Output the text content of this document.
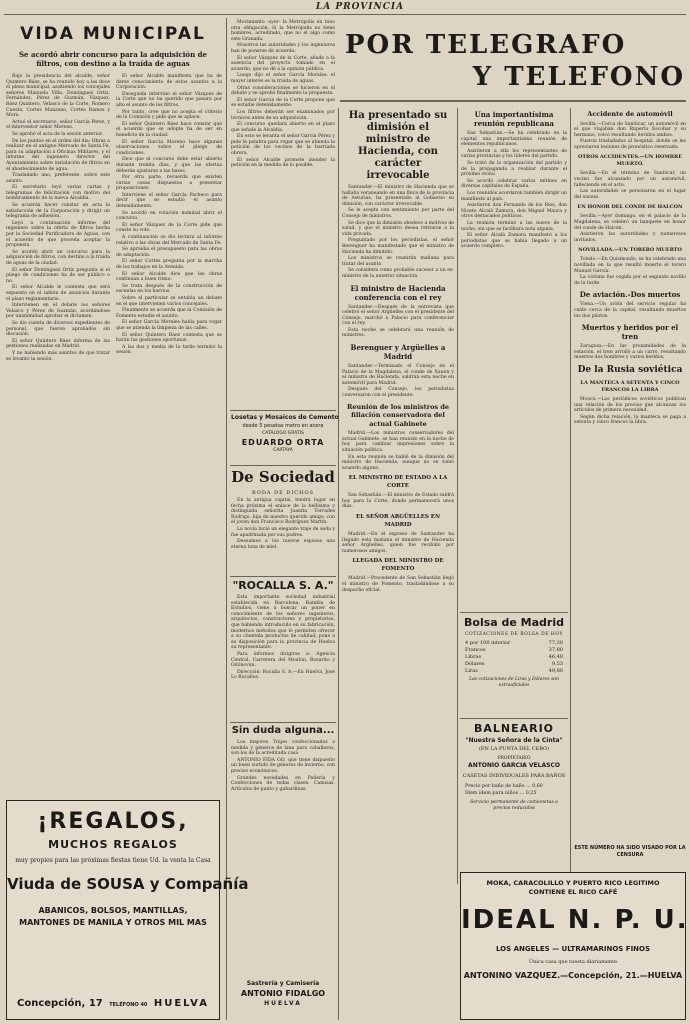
LA PROVINCIA
VIDA MUNICIPAL
Se acordó abrir concurso para la adquisición de filtros, con destino a la traída de aguas

Bajo la presidencia del alcalde, señor Quintero Báez, se ha reunido hoy a las doce el pleno municipal, asistiendo los concejales señores Manuela Villa, Domínguez Ortiz, Fernández, Pérez de Guzmán, Vázquez, Báez Quintero, Velasco de la Corte, Romero Cuesta, Cortés Manzano, Cortés Ramos y Mora.

Actuó el secretario, señor García Pérez, y el interventor señor Moreno.

Se aprobó el acta de la sesión anterior.

De los puntos en el orden del día: Obras a realizar en el antiguo Mercado de Santa Fe, para su adaptación a Oficinas Militares, y el informe del ingeniero director del Ayuntamiento sobre instalación de filtros en el abastecimiento de agua.

Trasladado uno, preferente, sobre este asunto.

El secretario leyó varias cartas y telegramas de felicitación con motivo del nombramiento de la nueva Alcaldía.

Se acuerda hacer constar en acta la satisfacción de la Corporación y dirigir un telegrama de adhesión.

Leyó a continuación informe del ingeniero sobre la oferta de filtros hecha por la Sociedad Purificadora de Aguas, con el acuerdo de que proceda aceptar la propuesta.

Se acordó abrir un concurso para la adquisición de filtros, con destino a la traída de aguas de la ciudad.

El señor Domínguez Ortiz pregunta si el pliego de condiciones ha de ser público o no.

El señor Alcalde le contesta que será expuesto en el tablón de anuncios durante el plazo reglamentario.

Intervienen en el debate los señores Velasco y Pérez de Guzmán, acordándose por unanimidad aprobar el dictamen.

Se dio cuenta de diversos expedientes de personal, que fueron aprobados sin discusión.

El señor Quintero Báez informa de las gestiones realizadas en Madrid.

Y no habiendo más asuntos de que tratar se levantó la sesión.

El señor Alcalde manifiesta que ha de darse conocimiento de estos asuntos a la Corporación.

Enseguida intervino el señor Vázquez de la Corte que no ha querido que pasara por alto el asunto de los filtros.

Por tanto, cree que no acepta el criterio de la Comisión y pide que se aplace.

El señor Quintero Báez hace constar que el acuerdo que se adopte ha de ser en beneficio de la ciudad.

El señor García Moreno hace algunas observaciones sobre el pliego de condiciones.

Dice que el concurso debe estar abierto durante treinta días, y que las ofertas deberán ajustarse a las bases.

Por otra parte, recuerda que existen varias casas dispuestas a presentar proposiciones.

Interviene el señor García Pacheco para decir que se estudió el asunto detenidamente.

Se acordó en votación nominal abrir el concurso.

El señor Vázquez de la Corte pide que conste su voto.

A continuación se dio lectura al informe relativo a las obras del Mercado de Santa Fe.

Se aprueba el presupuesto para las obras de adaptación.

El señor Cortés pregunta por la marcha de los trabajos en la Avenida.

El señor Alcalde dice que las obras continúan a buen ritmo.

Se trata después de la construcción de escuelas en los barrios.

Sobre el particular se entabla un debate en el que intervienen varios concejales.

Finalmente se acuerda que la Comisión de Fomento estudie el asunto.

El señor García Morales habla para rogar que se atienda la limpieza de las calles.

El señor Quintero Báez contesta que se harán las gestiones oportunas.

A las dos y media de la tarde terminó la sesión.

¡REGALOS,
MUCHOS REGALOS
muy propios para las próximas fiestas tiene Ud. la venta la Casa
Viuda de SOUSA y Compañía
ABANICOS, BOLSOS, MANTILLAS, MANTONES DE MANILA Y OTROS MIL MAS
Concepción, 17 TELÉFONO 40 HUELVA

Movimiento -ayer- la Metrópolis en tono otra obligación. Si la Metrópolis no tiene hombres, acreditado, que no el algo como este Granada.

Nosotros las autoridades y los ingenieros han de ponerse de acuerdo.

El señor Vázquez de la Corte, añade a la ausencia del proyecto tomado en el acuerdo, que no dé a la opinión pública.

Luego dijo el señor García Morales: el mayor interés es la traída de aguas.

Otras consideraciones se hicieron en el debate y se aprobó finalmente la propuesta.

El señor García de la Corte propone que se estudie detenidamente.

Los filtros deberán ser examinados por técnicos antes de su adquisición.

El concurso quedará abierto en el plazo que señale la Alcaldía.

En esto se levanta el señor García Pérez y pide la palabra para rogar que se atienda la petición de los vecinos de la barriada obrera.

El señor Alcalde promete atender la petición en la medida de lo posible.

Losetas y Mosaicos de Cemento
desde 5 pesetas metro en acera
CATÁLOGO GRATIS
EDUARDO ORTA
CARTAYA
De Sociedad
BODA DE DICHOS

En la antigua capital, tendrá lugar en fecha próxima el enlace de la bellísima y distinguida señorita Juanita Torrades Rodrigo, hija de nuestro querido amigo, con el joven don Francisco Rodríguez Martín.

La novia lució un elegante traje de seda y fue apadrinada por sus padres.

Deseamos a los nuevos esposos una eterna luna de miel.

"ROCALLA S. A."

Esta importante sociedad industrial establecida en Barcelona, Rambla de Estudios, viene a buscar un poner en conocimiento de los señores ingenieros, arquitectos, constructores y propietarios, que habiendo introducido en su fabricación, modernos métodos que le permiten ofrecer a su clientela productos de calidad, pone a su disposición para la provincia de Huelva su representante.

Para informes dirigirse a: Agencia Central, Carretera del Moulón, Rosarito y Odónovan.

Dirección: Rocalla S. A.—En Huelva, José Lo Rocallos.

Sin duda alguna...

Los mejores Trajes confeccionados a medida y géneros de lana para caballeros, son los de la acreditada casa

ANTONIO FIDA GO, que tiene dispuesto un buen surtido de géneros de invierno, con precios económicos.

Grandes novedades en Pañería y Confecciones de todas clases. Camisas, Artículos de punto y gabardinas.

Sastrería y Camisería
ANTONIO FIDALGO
HUELVA
POR TELEGRAFO
Y TELEFONO
Ha presentado su dimisión el ministro de Hacienda, con carácter irrevocable

Santander.—El ministro de Hacienda que se hallaba veraneando en una finca de la provincia de Asturias, ha presentado al Gobierno su dimisión, con carácter irrevocable.

Se le acepta con sentimiento por parte del Consejo de ministros.

Se dice que la dimisión obedece a motivos de salud, y que el ministro desea retirarse a la vida privada.

Preguntado por los periodistas, el señor Berenguer ha manifestado que el ministro de Hacienda ha dimitido.

Los ministros se reunirán mañana para tratar del asunto.

Se considera como probable sucesor a un ex-ministro de la anterior situación.

El ministro de Hacienda conferencia con el rey

Santander.—Después de la entrevista que celebró el señor Argüelles con el presidente del Consejo, marchó a Palacio para conferenciar con el rey.

Esta noche se celebrará una reunión de ministros.

Berenguer y Argüelles a Madrid

Santander.—Terminado el Consejo en el Palacio de la Magdalena, el conde de Xauen y el ministro de Hacienda, saldrán esta noche en automóvil para Madrid.

Después del Consejo, los periodistas conversaron con el presidente.

Reunión de los ministros de filiación conservadora del actual Gabinete

Madrid.—Los ministros conservadores del actual Gabinete, se han reunido en la noche de hoy para cambiar impresiones sobre la situación política.

En esta reunión se habló de la dimisión del ministro de Hacienda, aunque no se tomó acuerdo alguno.

EL MINISTRO DE ESTADO A LA CORTE

San Sebastián.—El ministro de Estado saldrá hoy para la Corte, donde permanecerá unos días.

EL SEÑOR ARGÜELLES EN MADRID

Madrid.—En el expreso de Santander ha llegado esta mañana el ministro de Hacienda señor Argüelles, quien fue recibido por numerosos amigos.

LLEGADA DEL MINISTRO DE FOMENTO

Madrid.—Procedente de San Sebastián llegó el ministro de Fomento, trasladándose a su despacho oficial.

Una importantísima reunión republicana

San Sebastián.—Se ha celebrado en la capital una importantísima reunión de elementos republicanos.

Asistieron a ella los representantes de varias provincias y los líderes del partido.

Se trató de la organización del partido y de la propaganda a realizar durante el próximo otoño.

Se acordó celebrar varios mítines en diversas capitales de España.

Los reunidos acordaron también dirigir un manifiesto al país.

Asistieron don Fernando de los Ríos, don Niceto Alcalá Zamora, don Miguel Maura y otros destacados políticos.

La reunión terminó a las nueve de la noche, sin que se facilitara nota alguna.

El señor Alcalá Zamora manifestó a los periodistas que se había llegado a un acuerdo completo.

Bolsa de Madrid
COTIZACIONES DE BOLSA DE HOY
4 por 100 interior	77,30
Francos	37,80
Libras	46,40
Dólares	9,53
Liras	49,80
Las cotizaciones de Liras y Dólares son extraoficiales
BALNEARIO
"Nuestra Señora de la Cinta"
(EN LA PUNTA DEL CEBO)
PROPIETARIO
ANTONIO GARCIA VELASCO
CASETAS INDIVIDUALES PARA BAÑOS
Precio por baño de baño ... 0,60
Ídem ídem para niños ... 0,25
Servicio permanente de camionetas a precios reducidos
Accidente de automóvil

Sevilla.—Cerca de Sanlúcar, un automóvil en el que viajaban don Ruperto Escobar y su hermano, volcó resultando heridos ambos.

Fueron trasladados al hospital, donde se les apreciaron lesiones de pronóstico reservado.

OTROS ACCIDENTES.—UN HOMBRE MUERTO.

Sevilla.—En el término de Sanlúcar, un vecino fue alcanzado por un automóvil, falleciendo en el acto.

Las autoridades se personaron en el lugar del suceso.

EN HONOR DEL CONDE DE HALCON

Sevilla.—Ayer domingo, en el palacio de la Magdalena, se celebró un banquete en honor del conde de Halcón.

Asistieron las autoridades y numerosos invitados.

NOVILLADA.—UN TORERO MUERTO

Toledo.—En Quismondo, se ha celebrado una novillada en la que resultó muerto el torero Manuel García.

La víctima fue cogida por el segundo novillo de la tarde.

De aviación.-Dos muertos

Viena.—Un avión del servicio regular ha caído cerca de la capital, resultando muertos los dos pilotos.

Muertos y heridos por el tren

Zaragoza.—En las proximidades de la estación, el tren arrolló a un carro, resultando muertos dos hombres y varios heridos.

De la Rusia soviética
LA MANTECA A SETENTA Y CINCO FRANCOS LA LIBRA

Moscú.—Los periódicos soviéticos publican una relación de los precios que alcanzan los artículos de primera necesidad.

Según dicha relación, la manteca se paga a setenta y cinco francos la libra.

ESTE NÚMERO HA SIDO VISADO POR LA CENSURA
MOKA, CARACOLILLO Y PUERTO RICO LEGITIMO CONTIENE EL RICO CAFÉ
IDEAL N. P. U.
LOS ANGELES — ULTRAMARINOS FINOS
Única casa que tuesta diariamente
ANTONINO VAZQUEZ.—Concepción, 21.—HUELVA
